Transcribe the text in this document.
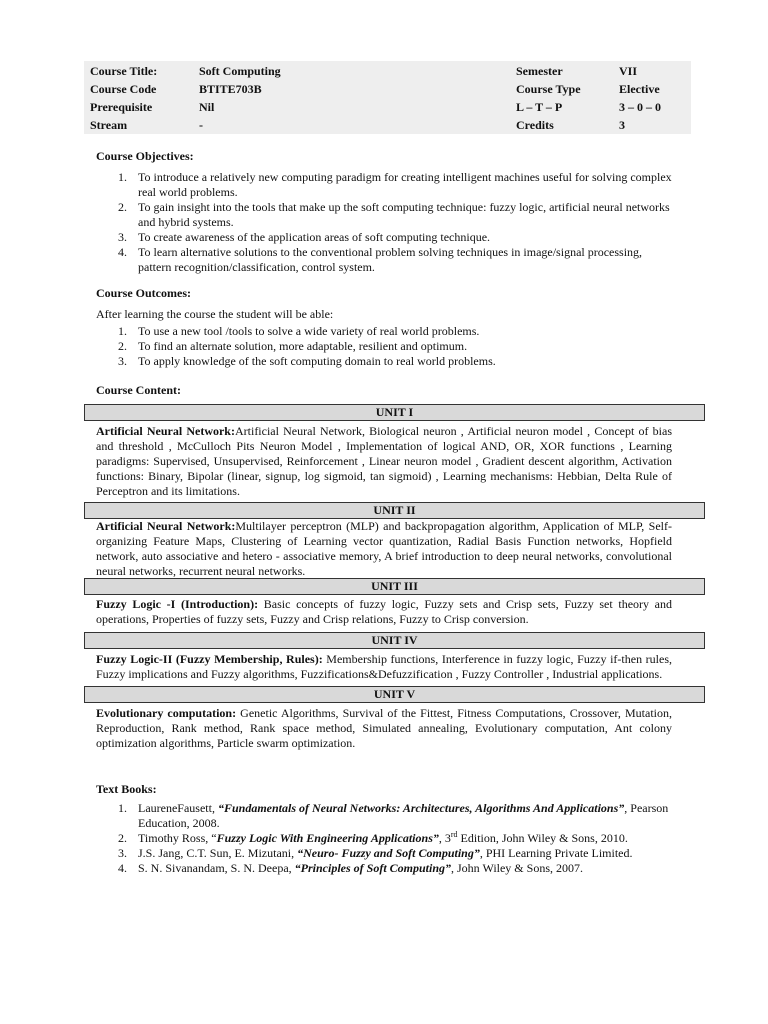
Course Title:	Soft Computing	Semester	VII
Course Code	BTITE703B	Course Type	Elective
Prerequisite	Nil	L – T – P	3 – 0 – 0
Stream	-	Credits	3
Course Objectives:
1. To introduce a relatively new computing paradigm for creating intelligent machines useful for solving complex real world problems.
2. To gain insight into the tools that make up the soft computing technique: fuzzy logic, artificial neural networks and hybrid systems.
3. To create awareness of the application areas of soft computing technique.
4. To learn alternative solutions to the conventional problem solving techniques in image/signal processing, pattern recognition/classification, control system.
Course Outcomes:
After learning the course the student will be able:
1. To use a new tool /tools to solve a wide variety of real world problems.
2. To find an alternate solution, more adaptable, resilient and optimum.
3. To apply knowledge of the soft computing domain to real world problems.
Course Content:
UNIT I
Artificial Neural Network:Artificial Neural Network, Biological neuron , Artificial neuron model , Concept of bias and threshold , McCulloch Pits Neuron Model , Implementation of logical AND, OR, XOR functions , Learning paradigms: Supervised, Unsupervised, Reinforcement , Linear neuron model , Gradient descent algorithm, Activation functions: Binary, Bipolar (linear, signup, log sigmoid, tan sigmoid) , Learning mechanisms: Hebbian, Delta Rule of Perceptron and its limitations.
UNIT II
Artificial Neural Network:Multilayer perceptron (MLP) and backpropagation algorithm, Application of MLP, Self-organizing Feature Maps, Clustering of Learning vector quantization, Radial Basis Function networks, Hopfield network, auto associative and hetero - associative memory, A brief introduction to deep neural networks, convolutional neural networks, recurrent neural networks.
UNIT III
Fuzzy Logic -I (Introduction): Basic concepts of fuzzy logic, Fuzzy sets and Crisp sets, Fuzzy set theory and operations, Properties of fuzzy sets, Fuzzy and Crisp relations, Fuzzy to Crisp conversion.
UNIT IV
Fuzzy Logic-II (Fuzzy Membership, Rules): Membership functions, Interference in fuzzy logic, Fuzzy if-then rules, Fuzzy implications and Fuzzy algorithms, Fuzzifications&Defuzzification , Fuzzy Controller , Industrial applications.
UNIT V
Evolutionary computation: Genetic Algorithms, Survival of the Fittest, Fitness Computations, Crossover, Mutation, Reproduction, Rank method, Rank space method, Simulated annealing, Evolutionary computation, Ant colony optimization algorithms, Particle swarm optimization.
Text Books:
1. LaureneFausett, “Fundamentals of Neural Networks: Architectures, Algorithms And Applications”, Pearson Education, 2008.
2. Timothy Ross, “Fuzzy Logic With Engineering Applications”, 3rd Edition, John Wiley & Sons, 2010.
3. J.S. Jang, C.T. Sun, E. Mizutani, “Neuro- Fuzzy and Soft Computing”, PHI Learning Private Limited.
4. S. N. Sivanandam, S. N. Deepa, “Principles of Soft Computing”, John Wiley & Sons, 2007.
